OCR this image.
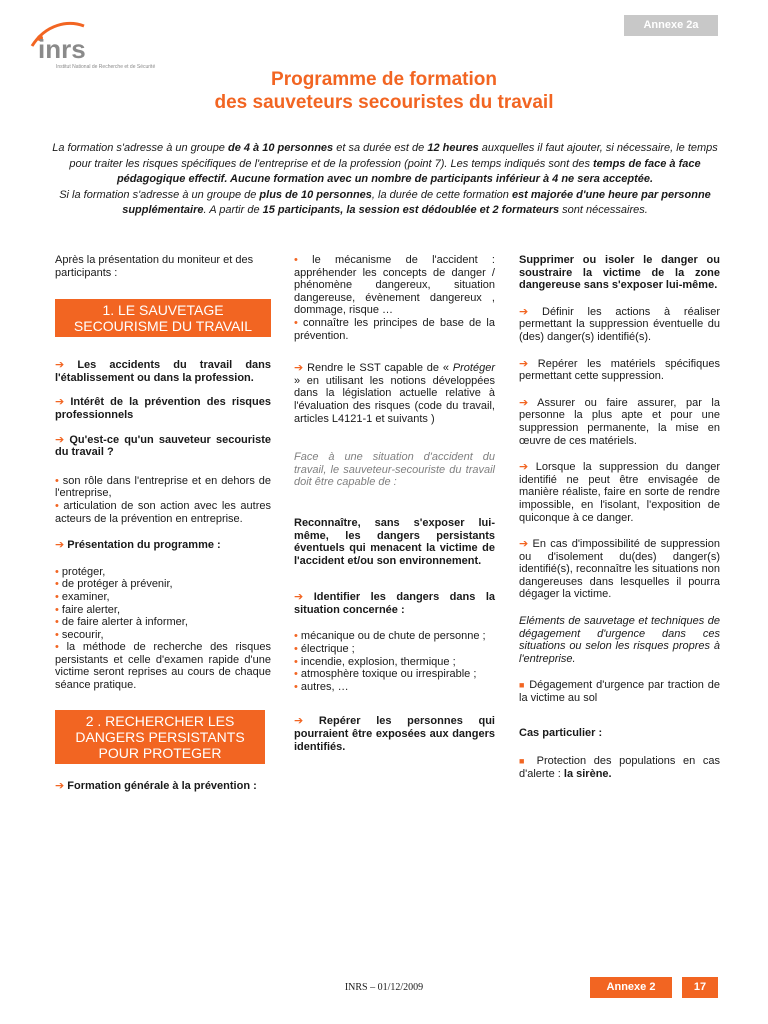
Annexe 2a
inrs
Institut National de Recherche et de Sécurité
Programme de formation
des sauveteurs secouristes du travail
La formation s'adresse à un groupe de 4 à 10 personnes et sa durée est de 12 heures auxquelles il faut ajouter, si nécessaire, le temps pour traiter les risques spécifiques de l'entreprise et de la profession (point 7). Les temps indiqués sont des temps de face à face pédagogique effectif. Aucune formation avec un nombre de participants inférieur à 4 ne sera acceptée.
Si la formation s'adresse à un groupe de plus de 10 personnes, la durée de cette formation est majorée d'une heure par personne supplémentaire. A partir de 15 participants, la session est dédoublée et 2 formateurs sont nécessaires.
Après la présentation du moniteur et des participants :
1. LE SAUVETAGE SECOURISME DU TRAVAIL
➔ Les accidents du travail dans l'établissement ou dans la profession.
➔ Intérêt de la prévention des risques professionnels
➔ Qu'est-ce qu'un sauveteur secouriste du travail ?
• son rôle dans l'entreprise et en dehors de l'entreprise,
• articulation de son action avec les autres acteurs de la prévention en entreprise.
➔ Présentation du programme :
• protéger,
• de protéger à prévenir,
• examiner,
• faire alerter,
• de faire alerter à informer,
• secourir,
• la méthode de recherche des risques persistants et celle d'examen rapide d'une victime seront reprises au cours de chaque séance pratique.
2 . RECHERCHER LES DANGERS PERSISTANTS POUR PROTEGER
➔ Formation générale à la prévention :
• le mécanisme de l'accident : appréhender les concepts de danger / phénomène dangereux, situation dangereuse, évènement dangereux , dommage, risque …
• connaître les principes de base de la prévention.
➔ Rendre le SST capable de « Protéger » en utilisant les notions développées dans la législation actuelle relative à l'évaluation des risques (code du travail, articles L4121-1 et suivants )
Face à une situation d'accident du travail, le sauveteur-secouriste du travail doit être capable de :
Reconnaître, sans s'exposer lui-même, les dangers persistants éventuels qui menacent la victime de l'accident et/ou son environnement.
➔ Identifier les dangers dans la situation concernée :
• mécanique ou de chute de personne ;
• électrique ;
• incendie, explosion, thermique ;
• atmosphère toxique ou irrespirable ;
• autres, …
➔ Repérer les personnes qui pourraient être exposées aux dangers identifiés.
Supprimer ou isoler le danger ou soustraire la victime de la zone dangereuse sans s'exposer lui-même.
➔ Définir les actions à réaliser permettant la suppression éventuelle du (des) danger(s) identifié(s).
➔ Repérer les matériels spécifiques permettant cette suppression.
➔ Assurer ou faire assurer, par la personne la plus apte et pour une suppression permanente, la mise en œuvre de ces matériels.
➔ Lorsque la suppression du danger identifié ne peut être envisagée de manière réaliste, faire en sorte de rendre impossible, en l'isolant, l'exposition de quiconque à ce danger.
➔ En cas d'impossibilité de suppression ou d'isolement du(des) danger(s) identifié(s), reconnaître les situations non dangereuses dans lesquelles il pourra dégager la victime.
Eléments de sauvetage et techniques de dégagement d'urgence dans ces situations ou selon les risques propres à l'entreprise.
■ Dégagement d'urgence par traction de la victime au sol
Cas particulier :
■ Protection des populations en cas d'alerte : la sirène.
INRS – 01/12/2009	Annexe 2	17
